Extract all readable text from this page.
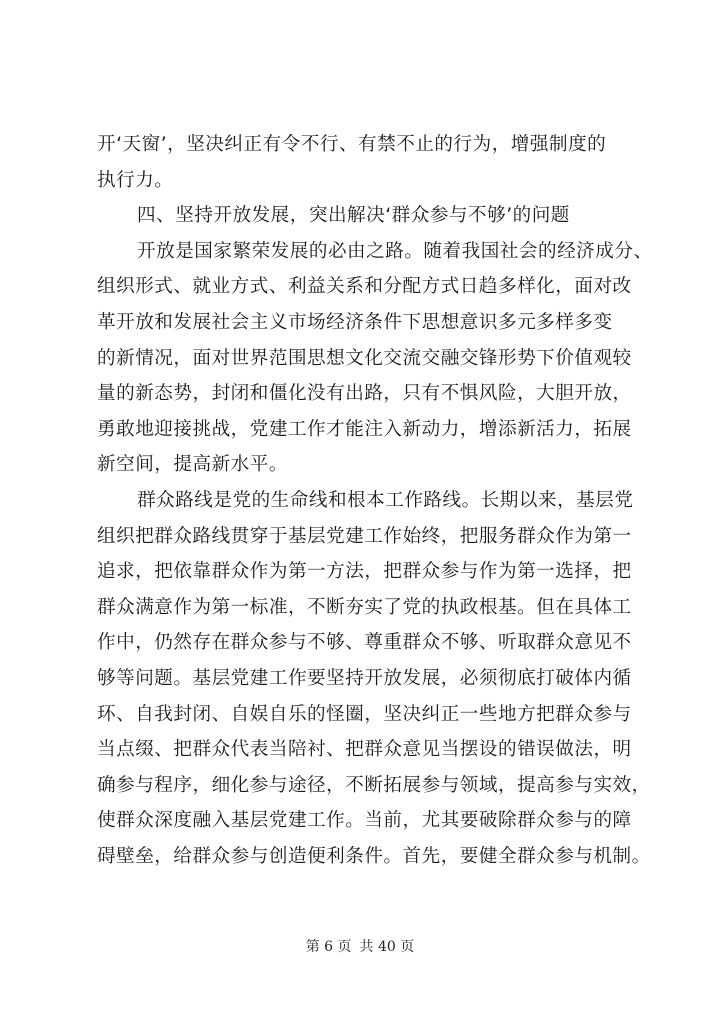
开‘天窗’，坚决纠正有令不行、有禁不止的行为，增强制度的
执行力。
四、坚持开放发展，突出解决‘群众参与不够’的问题
开放是国家繁荣发展的必由之路。随着我国社会的经济成分、
组织形式、就业方式、利益关系和分配方式日趋多样化，面对改
革开放和发展社会主义市场经济条件下思想意识多元多样多变
的新情况，面对世界范围思想文化交流交融交锋形势下价值观较
量的新态势，封闭和僵化没有出路，只有不惧风险，大胆开放，
勇敢地迎接挑战，党建工作才能注入新动力，增添新活力，拓展
新空间，提高新水平。
群众路线是党的生命线和根本工作路线。长期以来，基层党
组织把群众路线贯穿于基层党建工作始终，把服务群众作为第一
追求，把依靠群众作为第一方法，把群众参与作为第一选择，把
群众满意作为第一标准，不断夯实了党的执政根基。但在具体工
作中，仍然存在群众参与不够、尊重群众不够、听取群众意见不
够等问题。基层党建工作要坚持开放发展，必须彻底打破体内循
环、自我封闭、自娱自乐的怪圈，坚决纠正一些地方把群众参与
当点缀、把群众代表当陪衬、把群众意见当摆设的错误做法，明
确参与程序，细化参与途径，不断拓展参与领域，提高参与实效，
使群众深度融入基层党建工作。当前，尤其要破除群众参与的障
碍壁垒，给群众参与创造便利条件。首先，要健全群众参与机制。
第 6 页 共 40 页
